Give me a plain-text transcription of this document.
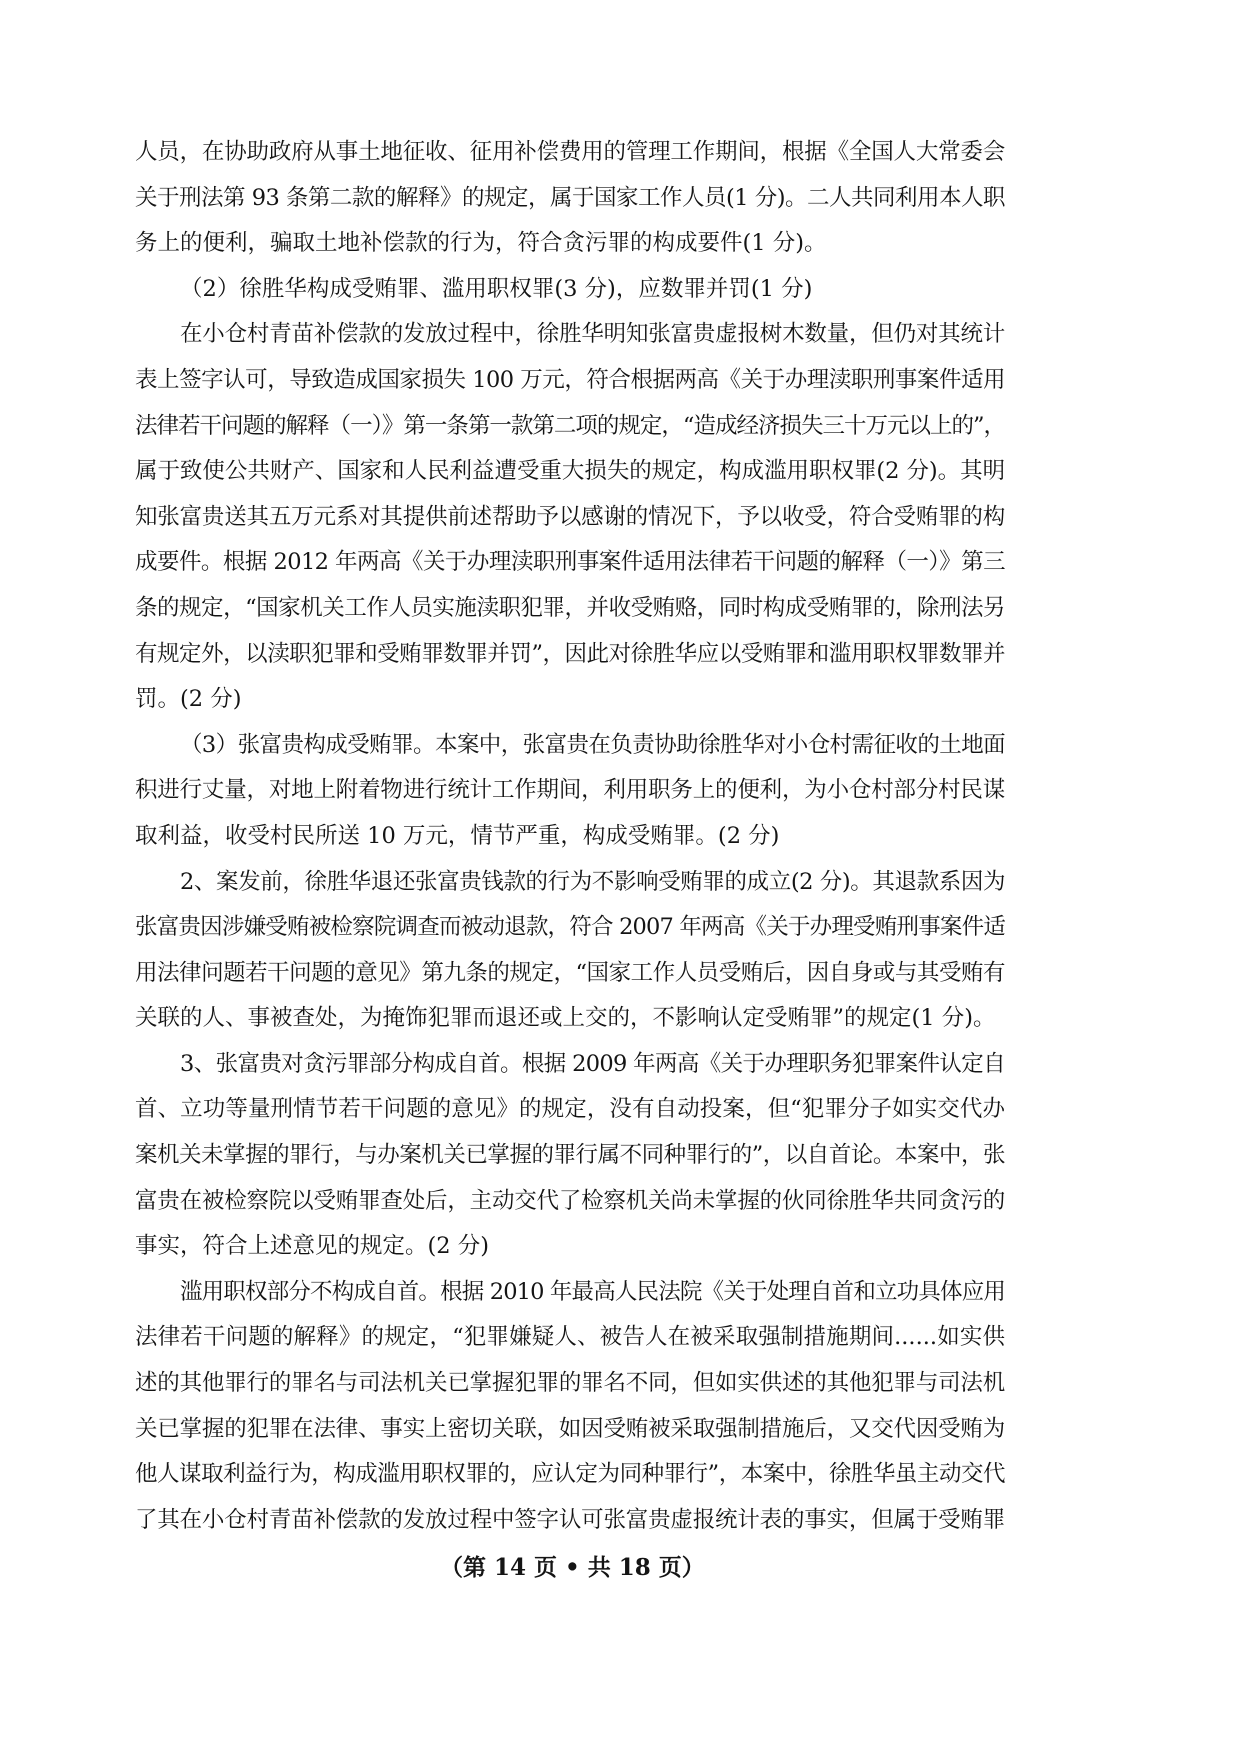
人员，在协助政府从事土地征收、征用补偿费用的管理工作期间，根据《全国人大常委会
关于刑法第 93 条第二款的解释》的规定，属于国家工作人员(1 分)。二人共同利用本人职
务上的便利，骗取土地补偿款的行为，符合贪污罪的构成要件(1 分)。
（2）徐胜华构成受贿罪、滥用职权罪(3 分)，应数罪并罚(1 分)
在小仓村青苗补偿款的发放过程中，徐胜华明知张富贵虚报树木数量，但仍对其统计
表上签字认可，导致造成国家损失 100 万元，符合根据两高《关于办理渎职刑事案件适用
法律若干问题的解释（一）》第一条第一款第二项的规定，“造成经济损失三十万元以上的”，
属于致使公共财产、国家和人民利益遭受重大损失的规定，构成滥用职权罪(2 分)。其明
知张富贵送其五万元系对其提供前述帮助予以感谢的情况下，予以收受，符合受贿罪的构
成要件。根据 2012 年两高《关于办理渎职刑事案件适用法律若干问题的解释（一）》第三
条的规定，“国家机关工作人员实施渎职犯罪，并收受贿赂，同时构成受贿罪的，除刑法另
有规定外，以渎职犯罪和受贿罪数罪并罚”，因此对徐胜华应以受贿罪和滥用职权罪数罪并
罚。(2 分)
（3）张富贵构成受贿罪。本案中，张富贵在负责协助徐胜华对小仓村需征收的土地面
积进行丈量，对地上附着物进行统计工作期间，利用职务上的便利，为小仓村部分村民谋
取利益，收受村民所送 10 万元，情节严重，构成受贿罪。(2 分)
2、案发前，徐胜华退还张富贵钱款的行为不影响受贿罪的成立(2 分)。其退款系因为
张富贵因涉嫌受贿被检察院调查而被动退款，符合 2007 年两高《关于办理受贿刑事案件适
用法律问题若干问题的意见》第九条的规定，“国家工作人员受贿后，因自身或与其受贿有
关联的人、事被查处，为掩饰犯罪而退还或上交的，不影响认定受贿罪”的规定(1 分)。
3、张富贵对贪污罪部分构成自首。根据 2009 年两高《关于办理职务犯罪案件认定自
首、立功等量刑情节若干问题的意见》的规定，没有自动投案，但“犯罪分子如实交代办
案机关未掌握的罪行，与办案机关已掌握的罪行属不同种罪行的”，以自首论。本案中，张
富贵在被检察院以受贿罪查处后，主动交代了检察机关尚未掌握的伙同徐胜华共同贪污的
事实，符合上述意见的规定。(2 分)
滥用职权部分不构成自首。根据 2010 年最高人民法院《关于处理自首和立功具体应用
法律若干问题的解释》的规定，“犯罪嫌疑人、被告人在被采取强制措施期间......如实供
述的其他罪行的罪名与司法机关已掌握犯罪的罪名不同，但如实供述的其他犯罪与司法机
关已掌握的犯罪在法律、事实上密切关联，如因受贿被采取强制措施后，又交代因受贿为
他人谋取利益行为，构成滥用职权罪的，应认定为同种罪行”，本案中，徐胜华虽主动交代
了其在小仓村青苗补偿款的发放过程中签字认可张富贵虚报统计表的事实，但属于受贿罪
（第 14 页 • 共 18 页）
